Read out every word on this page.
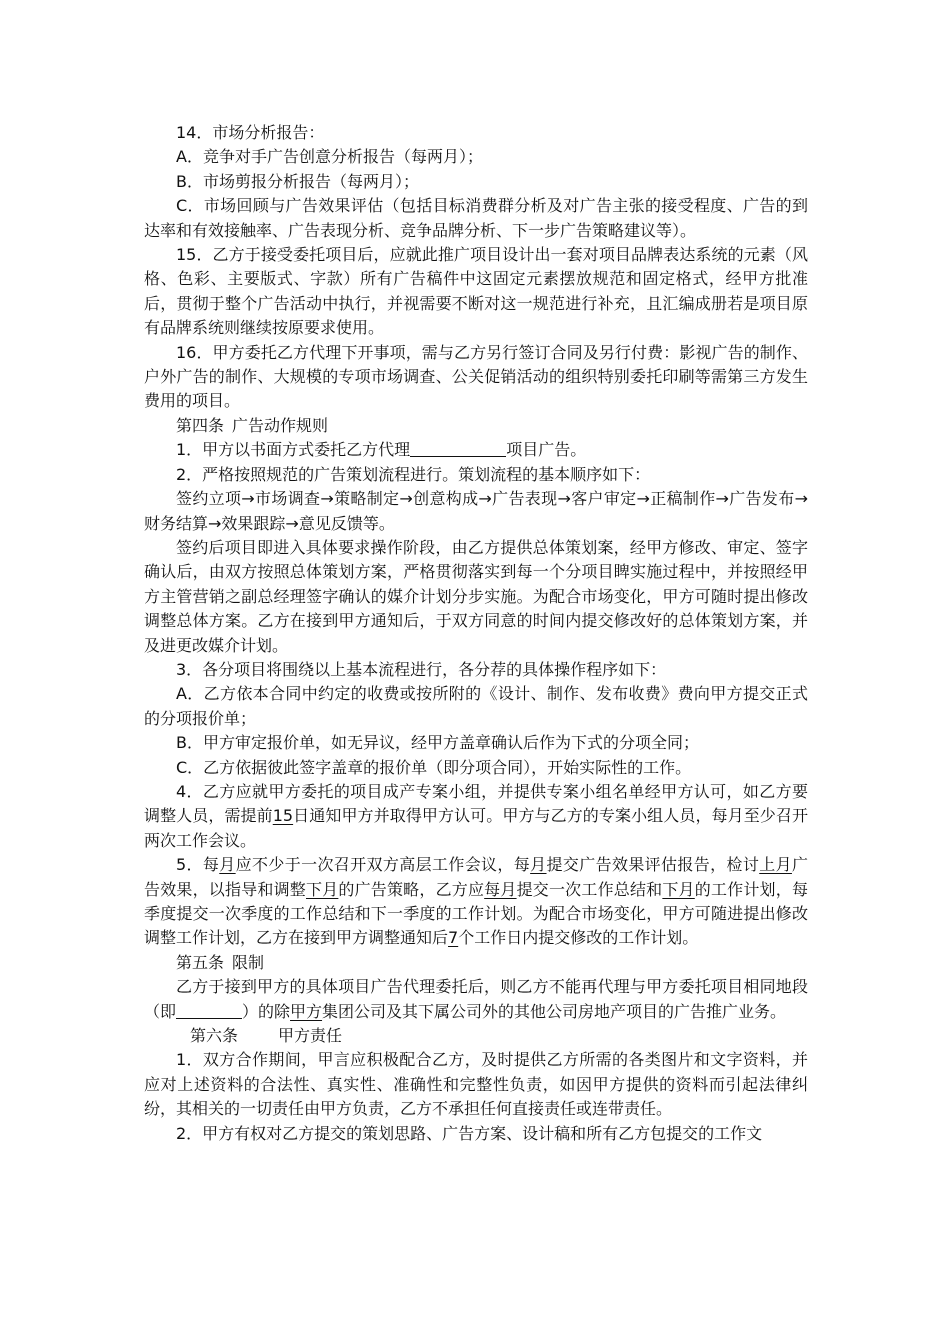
14．市场分析报告：

A．竞争对手广告创意分析报告（每两月）；

B．市场剪报分析报告（每两月）；

C．市场回顾与广告效果评估（包括目标消费群分析及对广告主张的接受程度、广告的到达率和有效接触率、广告表现分析、竞争品牌分析、下一步广告策略建议等）。

15．乙方于接受委托项目后，应就此推广项目设计出一套对项目品牌表达系统的元素（风格、色彩、主要版式、字款）所有广告稿件中这固定元素摆放规范和固定格式，经甲方批准后，贯彻于整个广告活动中执行，并视需要不断对这一规范进行补充，且汇编成册若是项目原有品牌系统则继续按原要求使用。

16．甲方委托乙方代理下开事项，需与乙方另行签订合同及另行付费：影视广告的制作、户外广告的制作、大规模的专项市场调查、公关促销活动的组织特别委托印刷等需第三方发生费用的项目。

第四条 广告动作规则

1．甲方以书面方式委托乙方代理	项目广告。

2．严格按照规范的广告策划流程进行。策划流程的基本顺序如下：

签约立项→市场调查→策略制定→创意构成→广告表现→客户审定→正稿制作→广告发布→财务结算→效果跟踪→意见反馈等。

签约后项目即进入具体要求操作阶段，由乙方提供总体策划案，经甲方修改、审定、签字确认后，由双方按照总体策划方案，严格贯彻落实到每一个分项目睥实施过程中，并按照经甲方主管营销之副总经理签字确认的媒介计划分步实施。为配合市场变化，甲方可随时提出修改调整总体方案。乙方在接到甲方通知后，于双方同意的时间内提交修改好的总体策划方案，并及进更改媒介计划。

3．各分项目将围绕以上基本流程进行，各分荐的具体操作程序如下：

A．乙方依本合同中约定的收费或按所附的《设计、制作、发布收费》费向甲方提交正式的分项报价单；

B．甲方审定报价单，如无异议，经甲方盖章确认后作为下式的分项全同；

C．乙方依据彼此签字盖章的报价单（即分项合同），开始实际性的工作。

4．乙方应就甲方委托的项目成产专案小组，并提供专案小组名单经甲方认可，如乙方要调整人员，需提前15日通知甲方并取得甲方认可。甲方与乙方的专案小组人员，每月至少召开两次工作会议。

5．每月应不少于一次召开双方高层工作会议，每月提交广告效果评估报告，检讨上月广告效果，以指导和调整下月的广告策略，乙方应每月提交一次工作总结和下月的工作计划，每季度提交一次季度的工作总结和下一季度的工作计划。为配合市场变化，甲方可随进提出修改调整工作计划，乙方在接到甲方调整通知后7个工作日内提交修改的工作计划。

第五条 限制

乙方于接到甲方的具体项目广告代理委托后，则乙方不能再代理与甲方委托项目相同地段（即	）的除甲方集团公司及其下属公司外的其他公司房地产项目的广告推广业务。

第六条	甲方责任

1．双方合作期间，甲言应积极配合乙方，及时提供乙方所需的各类图片和文字资料，并应对上述资料的合法性、真实性、准确性和完整性负责，如因甲方提供的资料而引起法律纠纷，其相关的一切责任由甲方负责，乙方不承担任何直接责任或连带责任。

2．甲方有权对乙方提交的策划思路、广告方案、设计稿和所有乙方包提交的工作文
